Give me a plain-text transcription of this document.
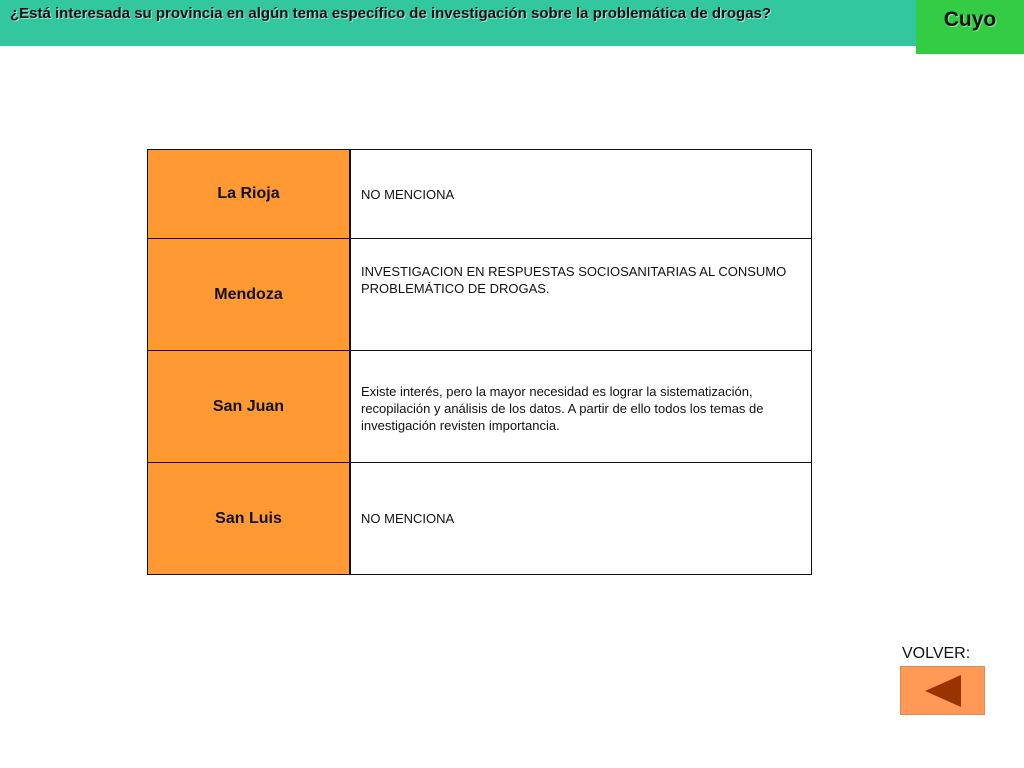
¿Está interesada su provincia en algún tema específico de investigación sobre la problemática de drogas?	Cuyo
La Rioja	NO MENCIONA
Mendoza	INVESTIGACION EN RESPUESTAS SOCIOSANITARIAS AL CONSUMO PROBLEMÁTICO DE DROGAS.
San Juan	Existe interés, pero la mayor necesidad es lograr la sistematización, recopilación y análisis de los datos. A partir de ello todos los temas de investigación revisten importancia.
San Luis	NO MENCIONA
VOLVER:
